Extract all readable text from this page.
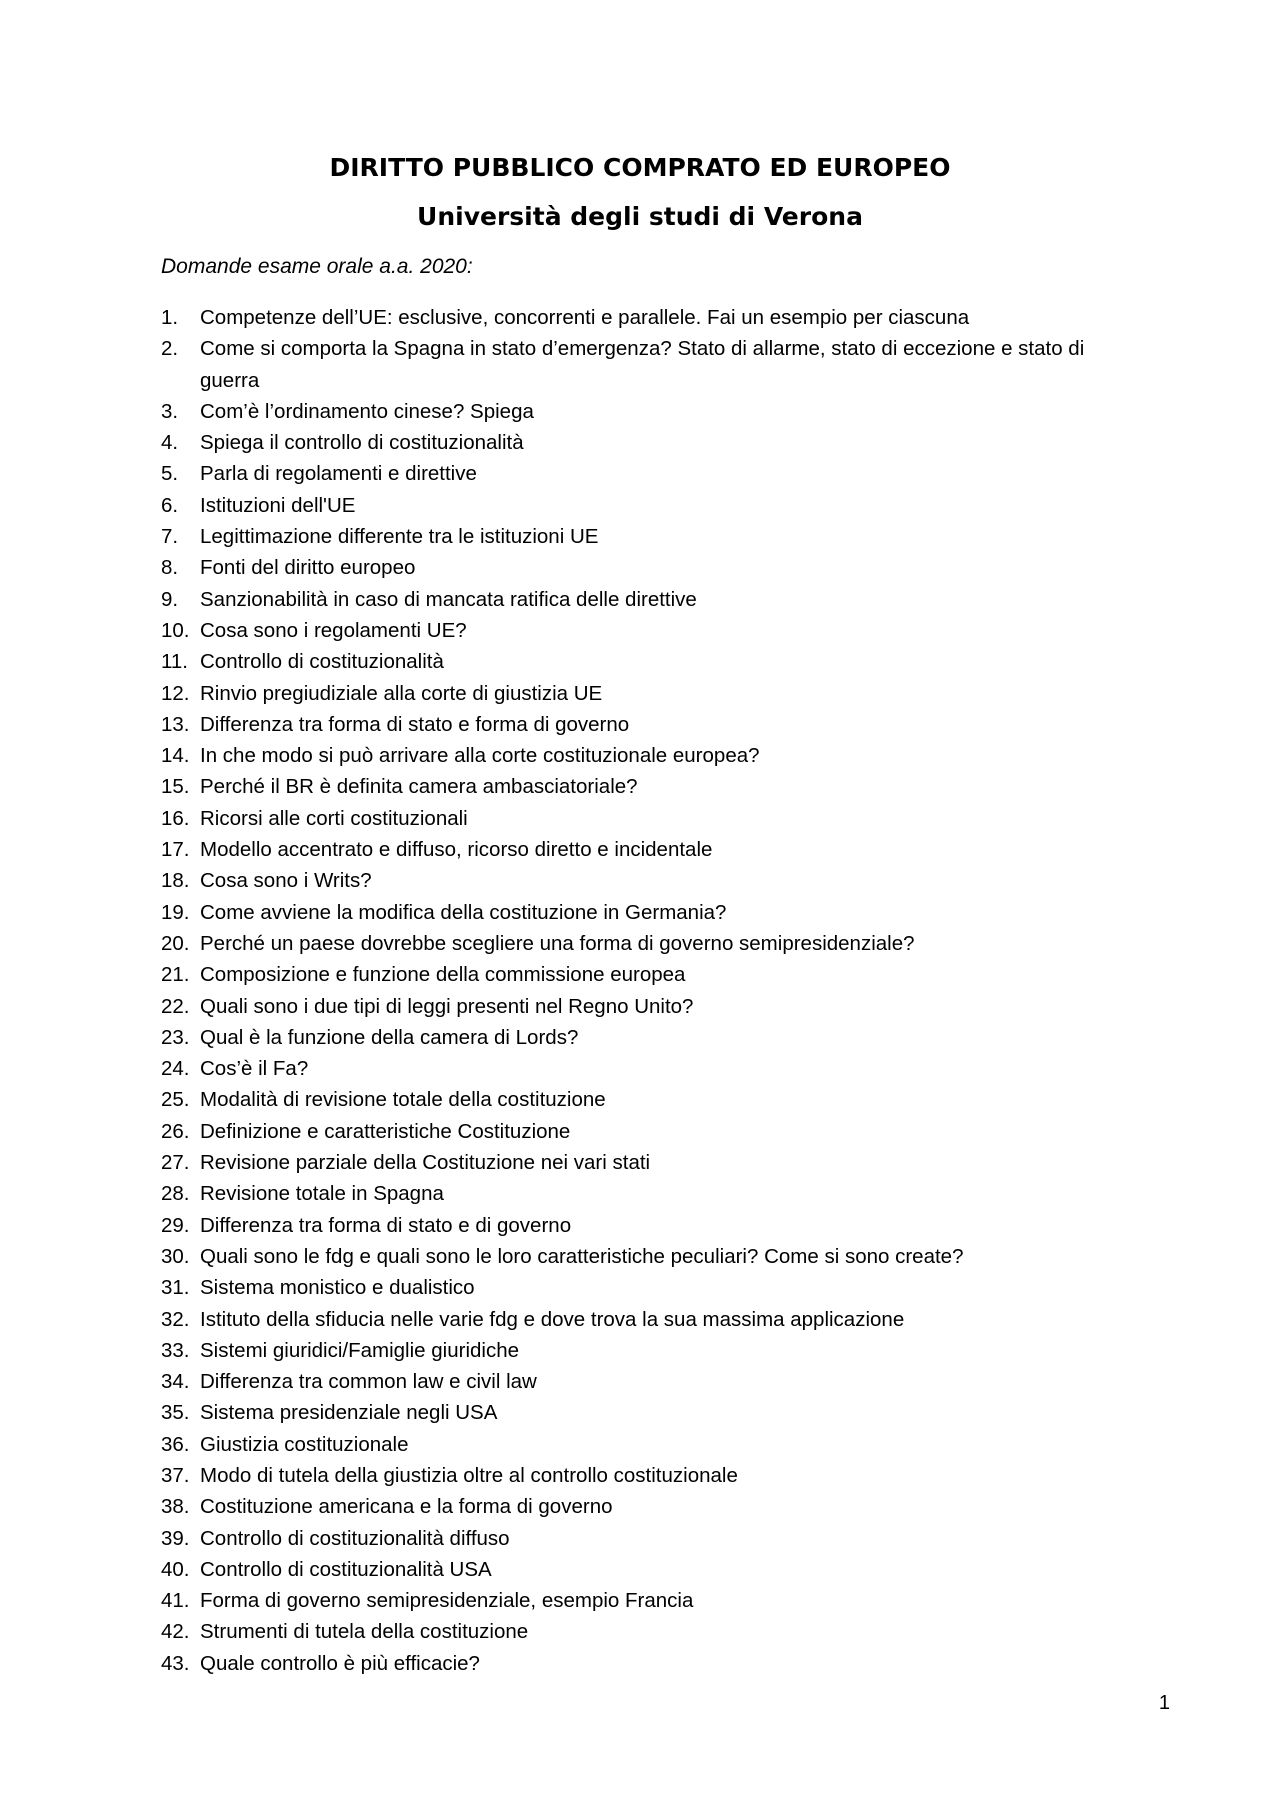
DIRITTO PUBBLICO COMPRATO ED EUROPEO
Università degli studi di Verona
Domande esame orale a.a. 2020:
1.	Competenze dell’UE: esclusive, concorrenti e parallele. Fai un esempio per ciascuna
2.	Come si comporta la Spagna in stato d’emergenza? Stato di allarme, stato di eccezione e stato di guerra
3.	Com’è l’ordinamento cinese? Spiega
4.	Spiega il controllo di costituzionalità
5.	Parla di regolamenti e direttive
6.	Istituzioni dell'UE
7.	Legittimazione differente tra le istituzioni UE
8.	Fonti del diritto europeo
9.	Sanzionabilità in caso di mancata ratifica delle direttive
10. Cosa sono i regolamenti UE?
11. Controllo di costituzionalità
12. Rinvio pregiudiziale alla corte di giustizia UE
13. Differenza tra forma di stato e forma di governo
14. In che modo si può arrivare alla corte costituzionale europea?
15. Perché il BR è definita camera ambasciatoriale?
16. Ricorsi alle corti costituzionali
17. Modello accentrato e diffuso, ricorso diretto e incidentale
18. Cosa sono i Writs?
19. Come avviene la modifica della costituzione in Germania?
20. Perché un paese dovrebbe scegliere una forma di governo semipresidenziale?
21. Composizione e funzione della commissione europea
22. Quali sono i due tipi di leggi presenti nel Regno Unito?
23. Qual è la funzione della camera di Lords?
24. Cos’è il Fa?
25. Modalità di revisione totale della costituzione
26. Definizione e caratteristiche Costituzione
27. Revisione parziale della Costituzione nei vari stati
28. Revisione totale in Spagna
29. Differenza tra forma di stato e di governo
30. Quali sono le fdg e quali sono le loro caratteristiche peculiari? Come si sono create?
31. Sistema monistico e dualistico
32. Istituto della sfiducia nelle varie fdg e dove trova la sua massima applicazione
33. Sistemi giuridici/Famiglie giuridiche
34. Differenza tra common law e civil law
35. Sistema presidenziale negli USA
36. Giustizia costituzionale
37. Modo di tutela della giustizia oltre al controllo costituzionale
38. Costituzione americana e la forma di governo
39. Controllo di costituzionalità diffuso
40. Controllo di costituzionalità USA
41. Forma di governo semipresidenziale, esempio Francia
42. Strumenti di tutela della costituzione
43. Quale controllo è più efficacie?
1
